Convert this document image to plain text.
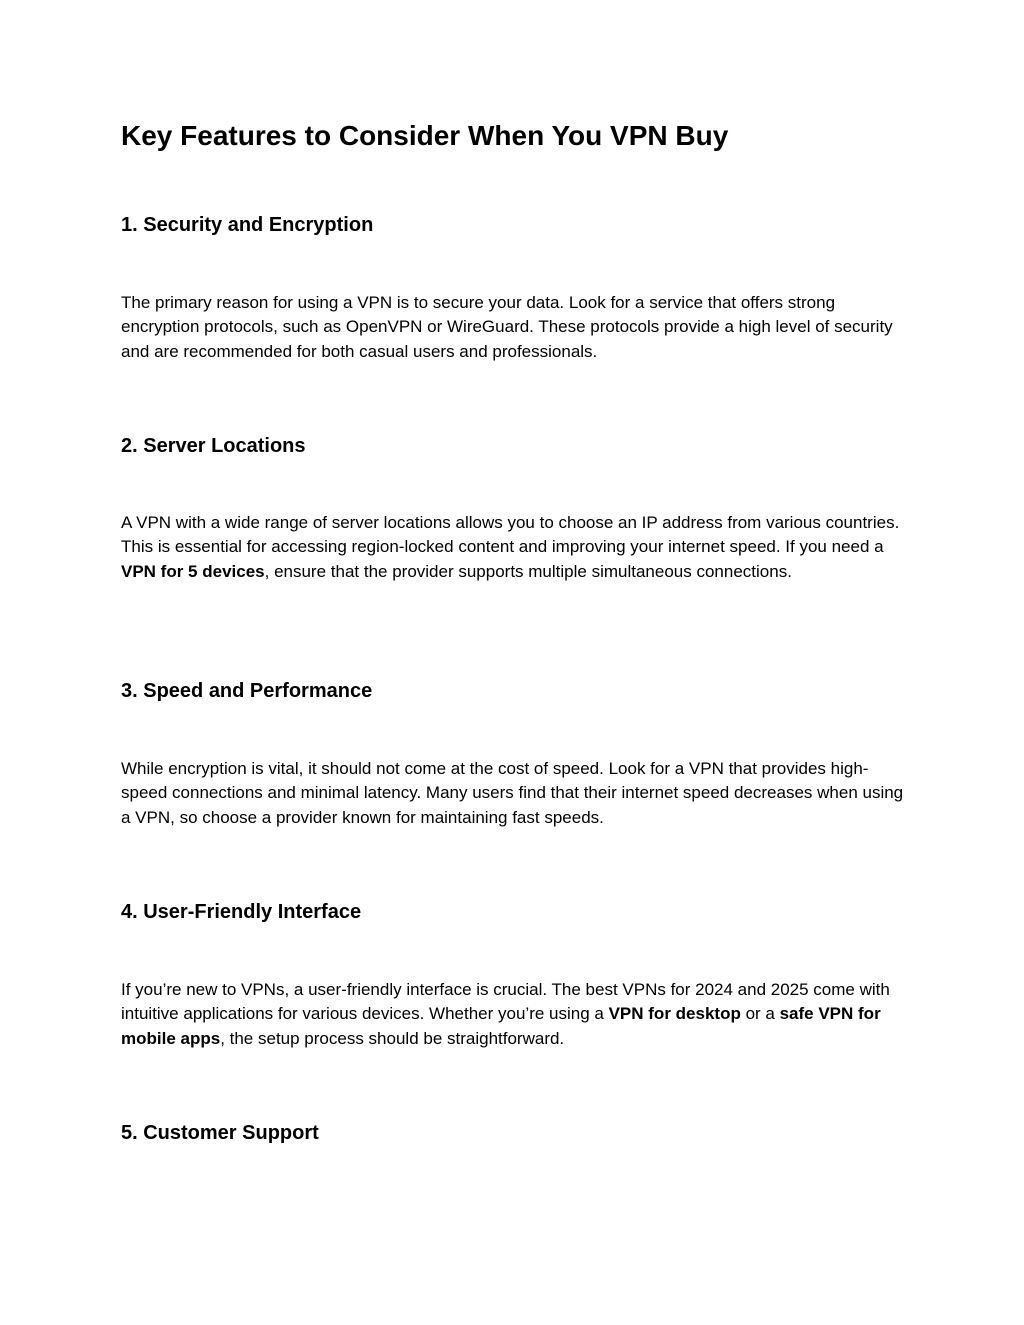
Key Features to Consider When You VPN Buy
1. Security and Encryption

The primary reason for using a VPN is to secure your data. Look for a service that offers strong encryption protocols, such as OpenVPN or WireGuard. These protocols provide a high level of security and are recommended for both casual users and professionals.

2. Server Locations

A VPN with a wide range of server locations allows you to choose an IP address from various countries. This is essential for accessing region-locked content and improving your internet speed. If you need a VPN for 5 devices, ensure that the provider supports multiple simultaneous connections.

3. Speed and Performance

While encryption is vital, it should not come at the cost of speed. Look for a VPN that provides high-speed connections and minimal latency. Many users find that their internet speed decreases when using a VPN, so choose a provider known for maintaining fast speeds.

4. User-Friendly Interface

If you’re new to VPNs, a user-friendly interface is crucial. The best VPNs for 2024 and 2025 come with intuitive applications for various devices. Whether you’re using a VPN for desktop or a safe VPN for mobile apps, the setup process should be straightforward.

5. Customer Support
